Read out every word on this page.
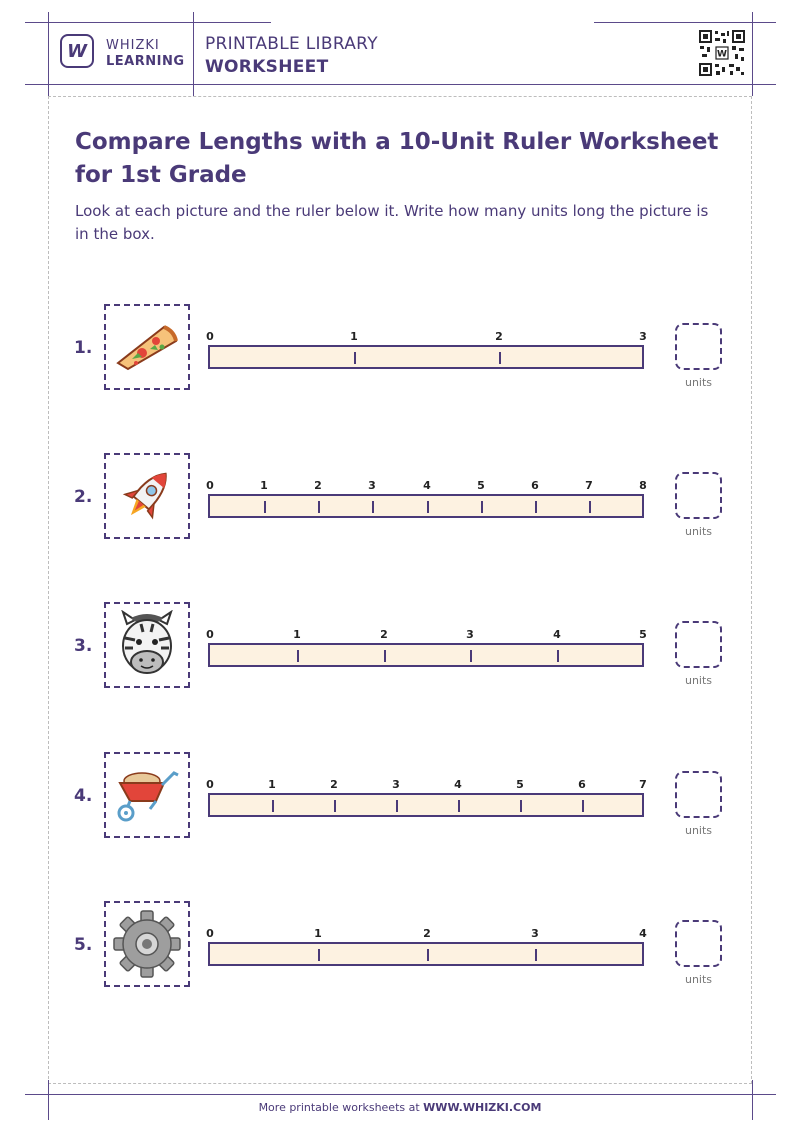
W WHIZKI
LEARNING
PRINTABLE LIBRARY
WORKSHEET
W
Compare Lengths with a 10-Unit Ruler Worksheet for 1st Grade

Look at each picture and the ruler below it. Write how many units long the picture is in the box.

1.
0	1	2	3
units
2.
0	1	2	3	4	5	6	7	8
units
3.
0	1	2	3	4	5
units
4.
0	1	2	3	4	5	6	7
units
5.
0	1	2	3	4
units
More printable worksheets at WWW.WHIZKI.COM
